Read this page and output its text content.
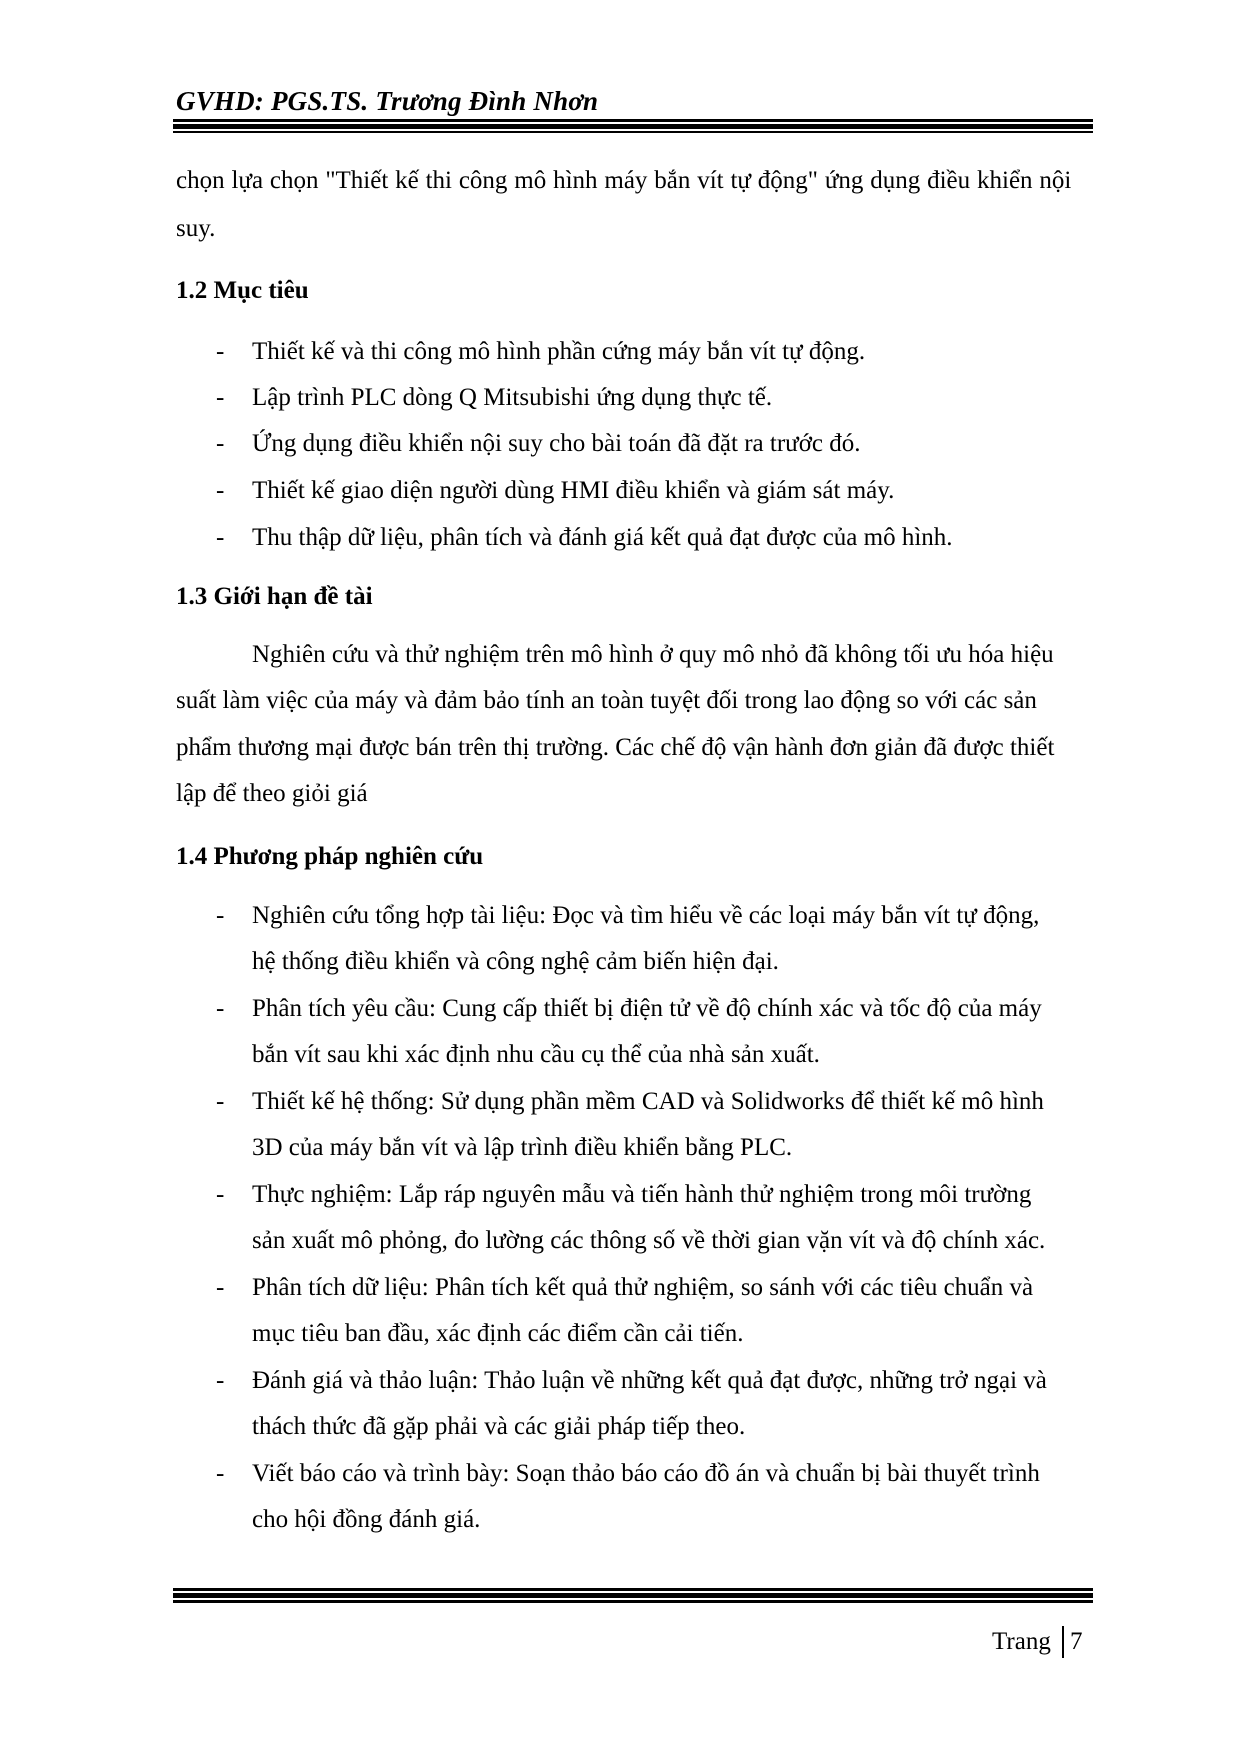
GVHD: PGS.TS. Trương Đình Nhơn
chọn lựa chọn "Thiết kế thi công mô hình máy bắn vít tự động" ứng dụng điều khiển nội
suy.
1.2 Mục tiêu
- Thiết kế và thi công mô hình phần cứng máy bắn vít tự động.
- Lập trình PLC dòng Q Mitsubishi ứng dụng thực tế.
- Ứng dụng điều khiển nội suy cho bài toán đã đặt ra trước đó.
- Thiết kế giao diện người dùng HMI điều khiển và giám sát máy.
- Thu thập dữ liệu, phân tích và đánh giá kết quả đạt được của mô hình.
1.3 Giới hạn đề tài
Nghiên cứu và thử nghiệm trên mô hình ở quy mô nhỏ đã không tối ưu hóa hiệu
suất làm việc của máy và đảm bảo tính an toàn tuyệt đối trong lao động so với các sản
phẩm thương mại được bán trên thị trường. Các chế độ vận hành đơn giản đã được thiết
lập để theo giỏi giá
1.4 Phương pháp nghiên cứu
- Nghiên cứu tổng hợp tài liệu: Đọc và tìm hiểu về các loại máy bắn vít tự động,
hệ thống điều khiển và công nghệ cảm biến hiện đại.
- Phân tích yêu cầu: Cung cấp thiết bị điện tử về độ chính xác và tốc độ của máy
bắn vít sau khi xác định nhu cầu cụ thể của nhà sản xuất.
- Thiết kế hệ thống: Sử dụng phần mềm CAD và Solidworks để thiết kế mô hình
3D của máy bắn vít và lập trình điều khiển bằng PLC.
- Thực nghiệm: Lắp ráp nguyên mẫu và tiến hành thử nghiệm trong môi trường
sản xuất mô phỏng, đo lường các thông số về thời gian vặn vít và độ chính xác.
- Phân tích dữ liệu: Phân tích kết quả thử nghiệm, so sánh với các tiêu chuẩn và
mục tiêu ban đầu, xác định các điểm cần cải tiến.
- Đánh giá và thảo luận: Thảo luận về những kết quả đạt được, những trở ngại và
thách thức đã gặp phải và các giải pháp tiếp theo.
- Viết báo cáo và trình bày: Soạn thảo báo cáo đồ án và chuẩn bị bài thuyết trình
cho hội đồng đánh giá.
Trang 7
